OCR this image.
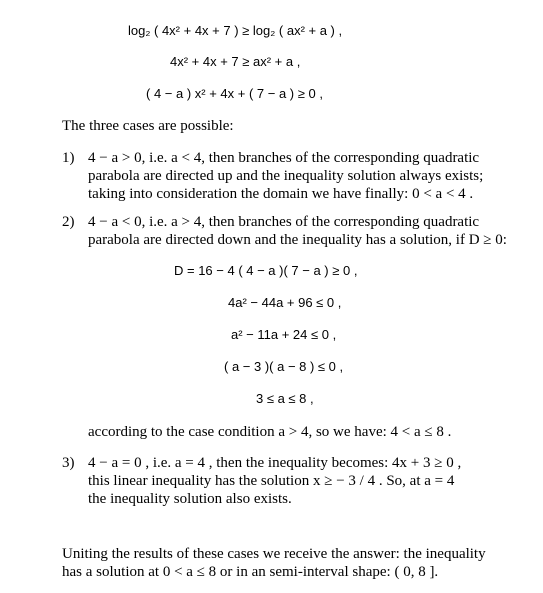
log₂ ( 4x² + 4x + 7 ) ≥ log₂ ( ax² + a ) ,
4x² + 4x + 7 ≥ ax² + a ,
( 4 − a ) x² + 4x + ( 7 − a ) ≥ 0 ,
The three cases are possible:
1) 4 − a > 0, i.e. a < 4, then branches of the corresponding quadratic
parabola are directed up and the inequality solution always exists;
taking into consideration the domain we have finally: 0 < a < 4 .
2) 4 − a < 0, i.e. a > 4, then branches of the corresponding quadratic
parabola are directed down and the inequality has a solution, if D ≥ 0:
D = 16 − 4 ( 4 − a )( 7 − a ) ≥ 0 ,
4a² − 44a + 96 ≤ 0 ,
a² − 11a + 24 ≤ 0 ,
( a − 3 )( a − 8 ) ≤ 0 ,
3 ≤ a ≤ 8 ,
according to the case condition a > 4, so we have: 4 < a ≤ 8 .
3) 4 − a = 0 , i.e. a = 4 , then the inequality becomes: 4x + 3 ≥ 0 ,
this linear inequality has the solution x ≥ − 3 / 4 . So, at a = 4
the inequality solution also exists.
Uniting the results of these cases we receive the answer: the inequality
has a solution at 0 < a ≤ 8 or in an semi-interval shape: ( 0, 8 ].
